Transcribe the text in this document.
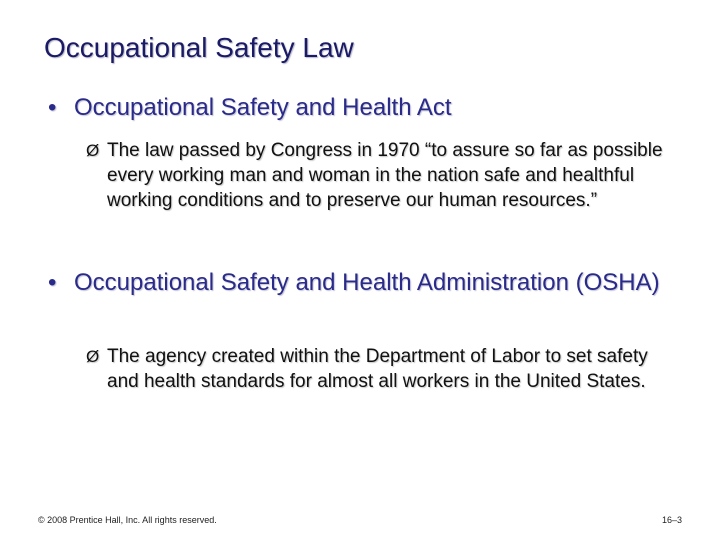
Occupational Safety Law
• Occupational Safety and Health Act
Ø The law passed by Congress in 1970 “to assure so far as possible every working man and woman in the nation safe and healthful working conditions and to preserve our human resources.”
• Occupational Safety and Health Administration (OSHA)
Ø The agency created within the Department of Labor to set safety and health standards for almost all workers in the United States.
© 2008 Prentice Hall, Inc. All rights reserved.	16–3
